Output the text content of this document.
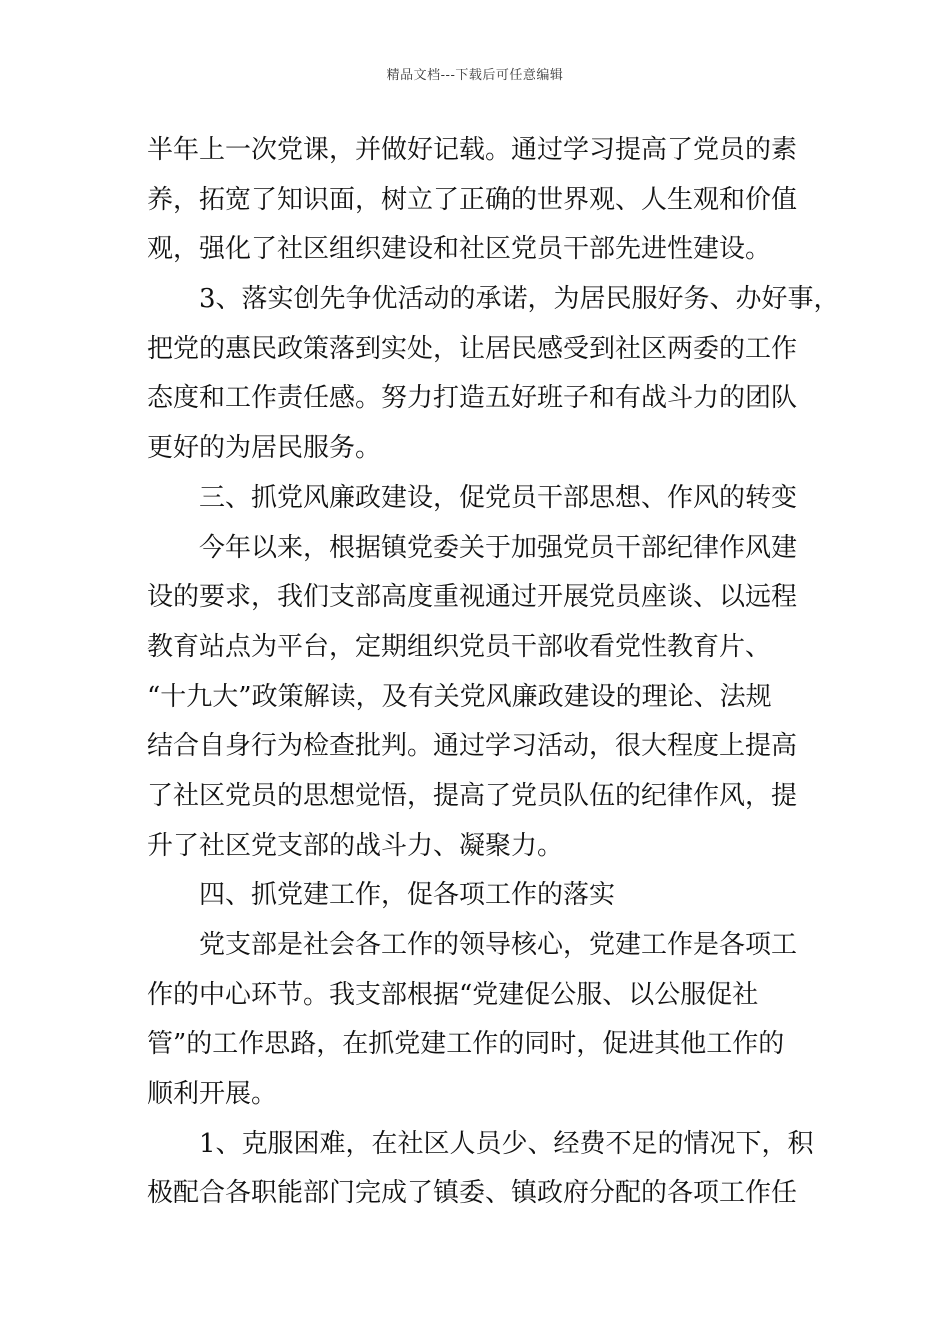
精品文档---下载后可任意编辑
半年上一次党课，并做好记载。通过学习提高了党员的素
养，拓宽了知识面，树立了正确的世界观、人生观和价值
观，强化了社区组织建设和社区党员干部先进性建设。
3、落实创先争优活动的承诺，为居民服好务、办好事，
把党的惠民政策落到实处，让居民感受到社区两委的工作
态度和工作责任感。努力打造五好班子和有战斗力的团队
更好的为居民服务。
三、抓党风廉政建设，促党员干部思想、作风的转变
今年以来，根据镇党委关于加强党员干部纪律作风建
设的要求，我们支部高度重视通过开展党员座谈、以远程
教育站点为平台，定期组织党员干部收看党性教育片、
“十九大”政策解读，及有关党风廉政建设的理论、法规
结合自身行为检查批判。通过学习活动，很大程度上提高
了社区党员的思想觉悟，提高了党员队伍的纪律作风，提
升了社区党支部的战斗力、凝聚力。
四、抓党建工作，促各项工作的落实
党支部是社会各工作的领导核心，党建工作是各项工
作的中心环节。我支部根据“党建促公服、以公服促社
管”的工作思路，在抓党建工作的同时，促进其他工作的
顺利开展。
1、克服困难，在社区人员少、经费不足的情况下，积
极配合各职能部门完成了镇委、镇政府分配的各项工作任
